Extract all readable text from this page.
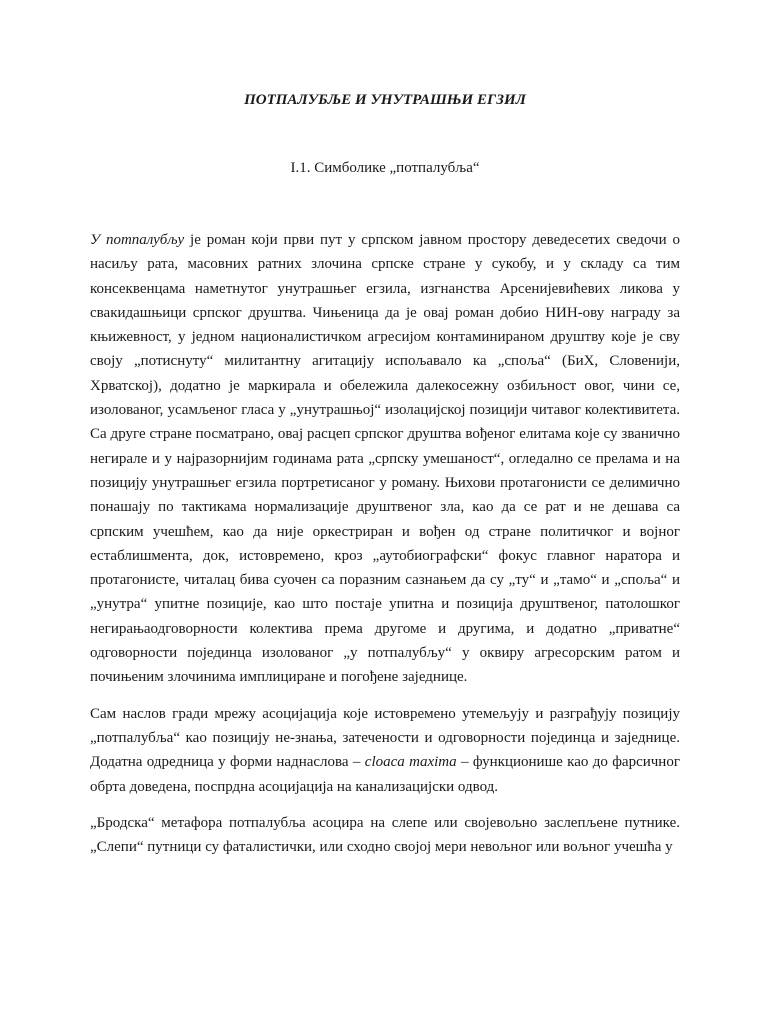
ПОТПАЛУБЉЕ И УНУТРАШЊИ ЕГЗИЛ
I.1. Симболике „потпалубља“

У потпалубљу је роман који први пут у српском јавном простору деведесетих сведочи о насиљу рата, масовних ратних злочина српске стране у сукобу, и у складу са тим консеквенцама наметнутог унутрашњег егзила, изгнанства Арсенијевићевих ликова у свакидашњици српског друштва. Чињеница да је овај роман добио НИН-ову награду за књижевност, у једном националистичком агресијом контаминираном друштву које је сву своју „потиснуту“ милитантну агитацију испољавало ка „споља“ (БиХ, Словенији, Хрватској), додатно је маркирала и обележила далекосежну озбиљност овог, чини се, изолованог, усамљеног гласа у „унутрашњој“ изолацијској позицији читавог колективитета. Са друге стране посматрано, овај расцеп српског друштва вођеног елитама које су званично негирале и у најразорнијим годинама рата „српску умешаност“, огледално се прелама и на позицију унутрашњег егзила портретисаног у роману. Њихови протагонисти се делимично понашају по тактикама нормализације друштвеног зла, као да се рат и не дешава са српским учешћем, као да није оркестриран и вођен од стране политичког и војног естаблишмента, док, истовремено, кроз „аутобиографски“ фокус главног наратора и протагонисте, читалац бива суочен са поразним сазнањем да су „ту“ и „тамо“ и „споља“ и „унутра“ упитне позиције, као што постаје упитна и позиција друштвеног, патолошког негирањаодговорности колектива према другоме и другима, и додатно „приватне“ одговорности појединца изолованог „у потпалубљу“ у оквиру агресорским ратом и почињеним злочинима имплициране и погођене заједнице.

Сам наслов гради мрежу асоцијација које истовремено утемељују и разграђују позицију „потпалубља“ као позицију не-знања, затечености и одговорности појединца и заједнице. Додатна одредница у форми наднаслова – cloaca maxima – функционише као до фарсичног обрта доведена, поспрдна асоцијација на канализацијски одвод.

„Бродска“ метафора потпалубља асоцира на слепе или својевољно заслепљене путнике. „Слепи“ путници су фаталистички, или сходно својој мери невољног или вољног учешћа у
